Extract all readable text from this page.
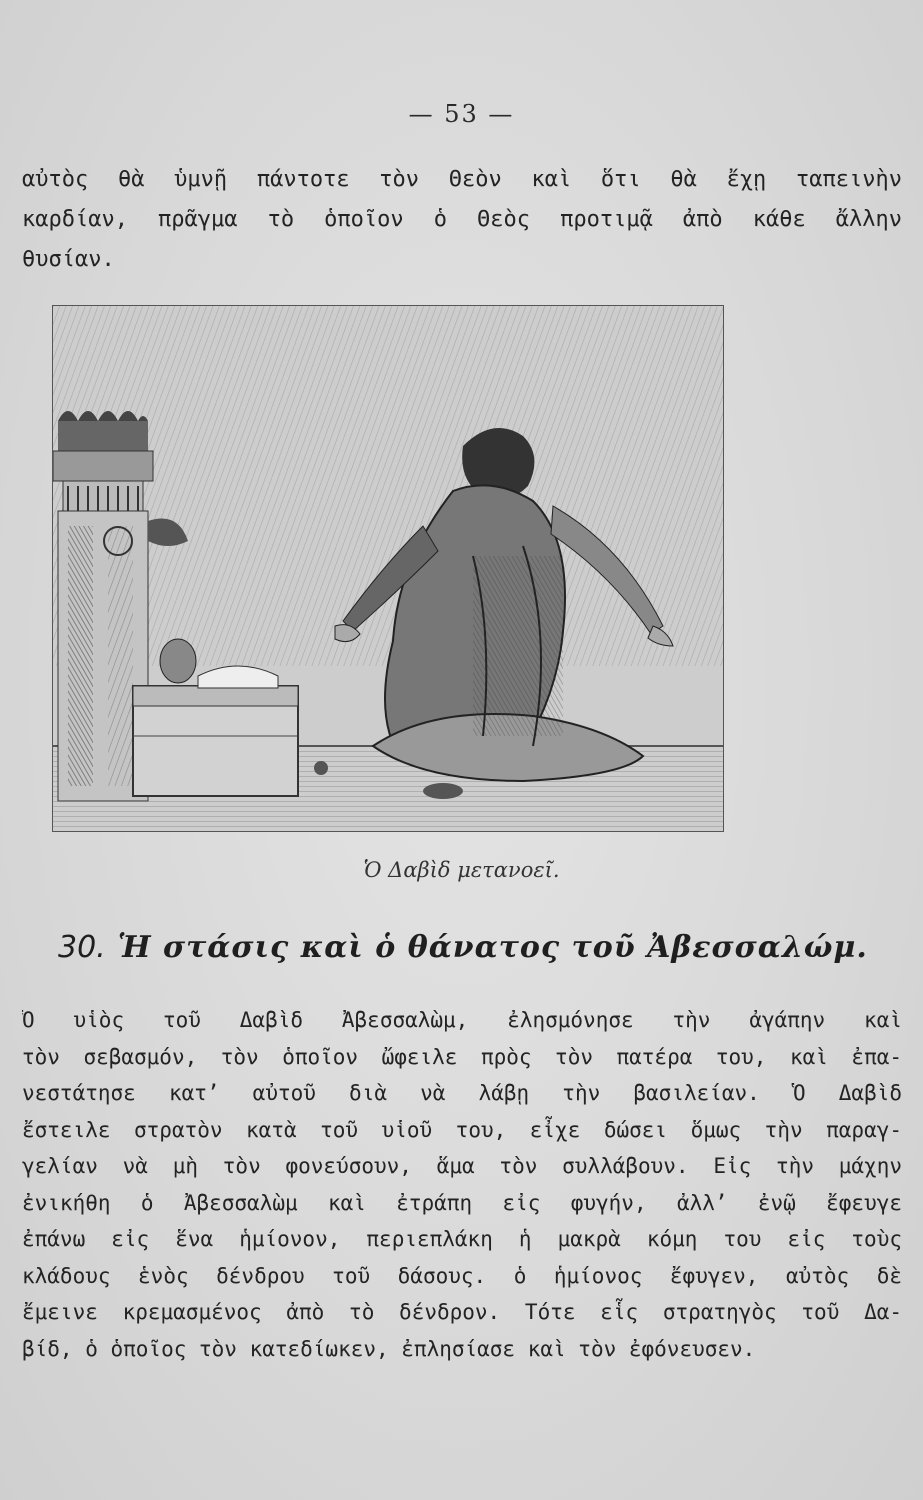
— 53 —
αὐτὸς θὰ ὑμνῇ πάντοτε τὸν Θεὸν καὶ ὅτι θὰ ἔχῃ ταπεινὴν
καρδίαν, πρᾶγμα τὸ ὁποῖον ὁ Θεὸς προτιμᾷ ἀπὸ κάθε ἄλλην
θυσίαν.
Ὁ Δαβὶδ μετανοεῖ.
30. Ἡ στάσις καὶ ὁ θάνατος τοῦ Ἀβεσσαλώμ.
Ὁ υἱὸς τοῦ Δαβὶδ Ἀβεσσαλὼμ, ἐλησμόνησε τὴν ἀγάπην καὶ
τὸν σεβασμόν, τὸν ὁποῖον ὤφειλε πρὸς τὸν πατέρα του, καὶ ἐπα-
νεστάτησε κατ’ αὐτοῦ διὰ νὰ λάβῃ τὴν βασιλείαν. Ὁ Δαβὶδ
ἔστειλε στρατὸν κατὰ τοῦ υἱοῦ του, εἶχε δώσει ὅμως τὴν παραγ-
γελίαν νὰ μὴ τὸν φονεύσουν, ἅμα τὸν συλλάβουν. Εἰς τὴν μάχην
ἐνικήθη ὁ Ἀβεσσαλὼμ καὶ ἐτράπη εἰς φυγήν, ἀλλ’ ἐνῷ ἔφευγε
ἐπάνω εἰς ἕνα ἡμίονον, περιεπλάκη ἡ μακρὰ κόμη του εἰς τοὺς
κλάδους ἑνὸς δένδρου τοῦ δάσους. ὁ ἡμίονος ἔφυγεν, αὐτὸς δὲ
ἔμεινε κρεμασμένος ἀπὸ τὸ δένδρον. Τότε εἷς στρατηγὸς τοῦ Δα-
βίδ, ὁ ὁποῖος τὸν κατεδίωκεν, ἐπλησίασε καὶ τὸν ἐφόνευσεν.
